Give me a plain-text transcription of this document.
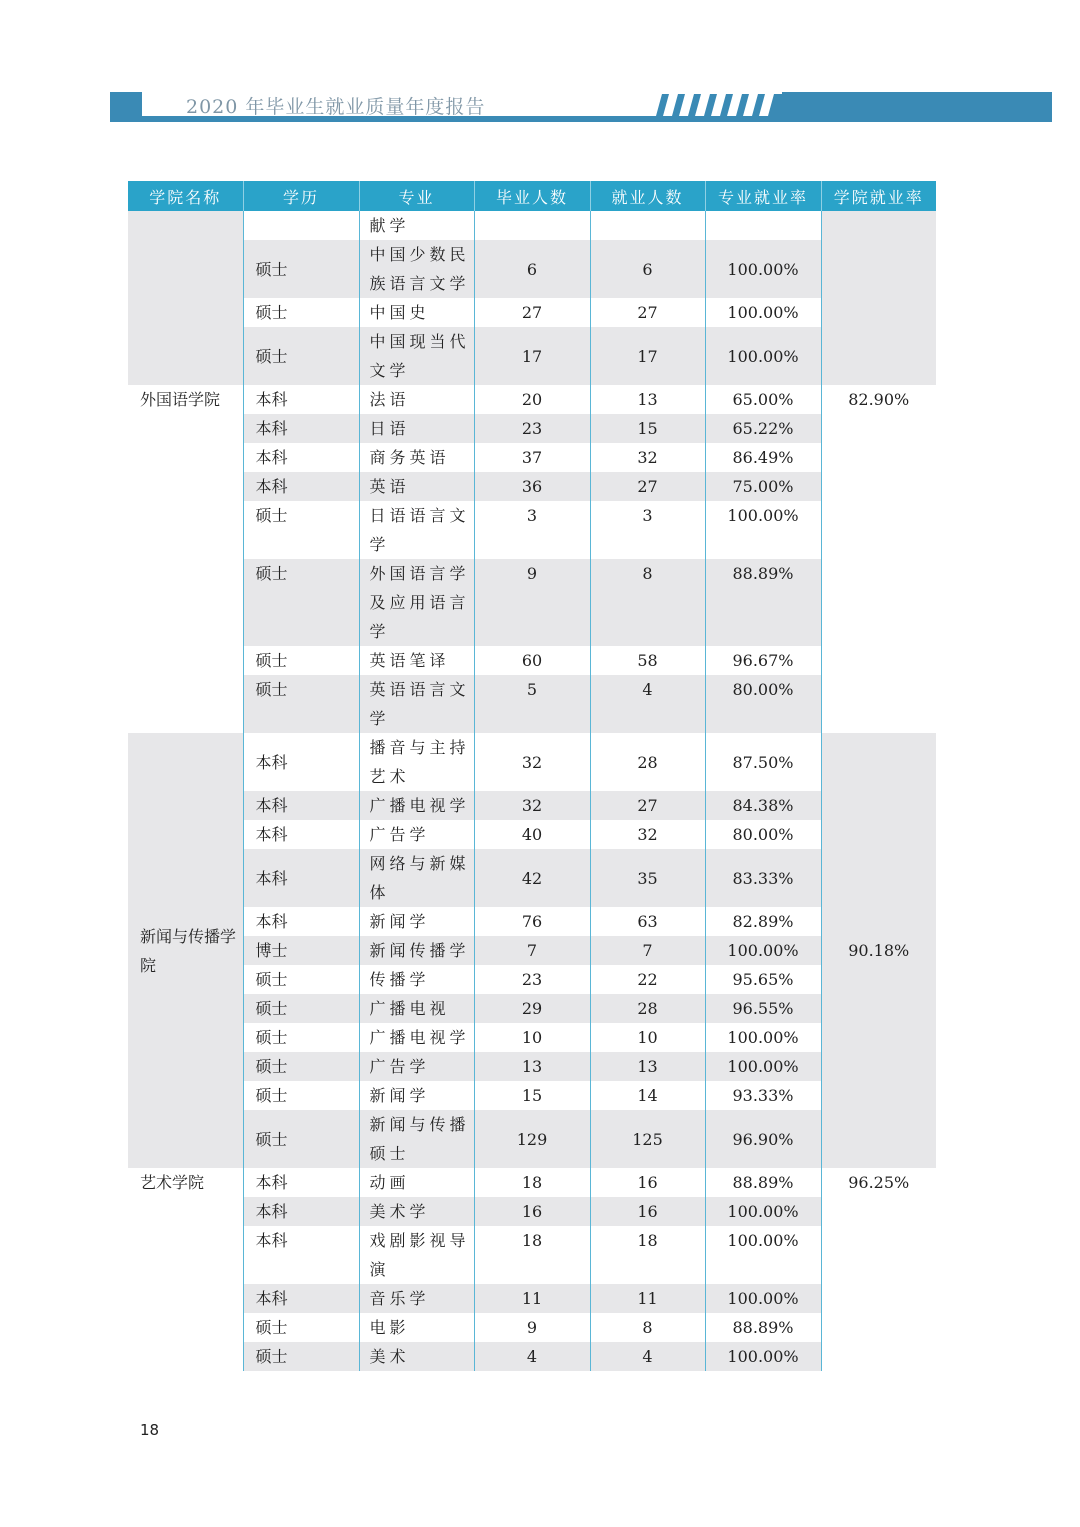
2020 年毕业生就业质量年度报告
学院名称	学历	专业	毕业人数	就业人数	专业就业率	学院就业率
		献学				
	硕士	中国少数民族语言文学	6	6	100.00%	
	硕士	中国史	27	27	100.00%	
	硕士	中国现当代文学	17	17	100.00%	
外国语学院	本科	法语	20	13	65.00%	82.90%
	本科	日语	23	15	65.22%	
	本科	商务英语	37	32	86.49%	
	本科	英语	36	27	75.00%	
	硕士	日语语言文学	3	3	100.00%	
	硕士	外国语言学及应用语言学	9	8	88.89%	
	硕士	英语笔译	60	58	96.67%	
	硕士	英语语言文学	5	4	80.00%	
新闻与传播学院	本科	播音与主持艺术	32	28	87.50%	90.18%
	本科	广播电视学	32	27	84.38%	
	本科	广告学	40	32	80.00%	
	本科	网络与新媒体	42	35	83.33%	
	本科	新闻学	76	63	82.89%	
	博士	新闻传播学	7	7	100.00%	
	硕士	传播学	23	22	95.65%	
	硕士	广播电视	29	28	96.55%	
	硕士	广播电视学	10	10	100.00%	
	硕士	广告学	13	13	100.00%	
	硕士	新闻学	15	14	93.33%	
	硕士	新闻与传播硕士	129	125	96.90%	
艺术学院	本科	动画	18	16	88.89%	96.25%
	本科	美术学	16	16	100.00%	
	本科	戏剧影视导演	18	18	100.00%	
	本科	音乐学	11	11	100.00%	
	硕士	电影	9	8	88.89%	
	硕士	美术	4	4	100.00%	
18
